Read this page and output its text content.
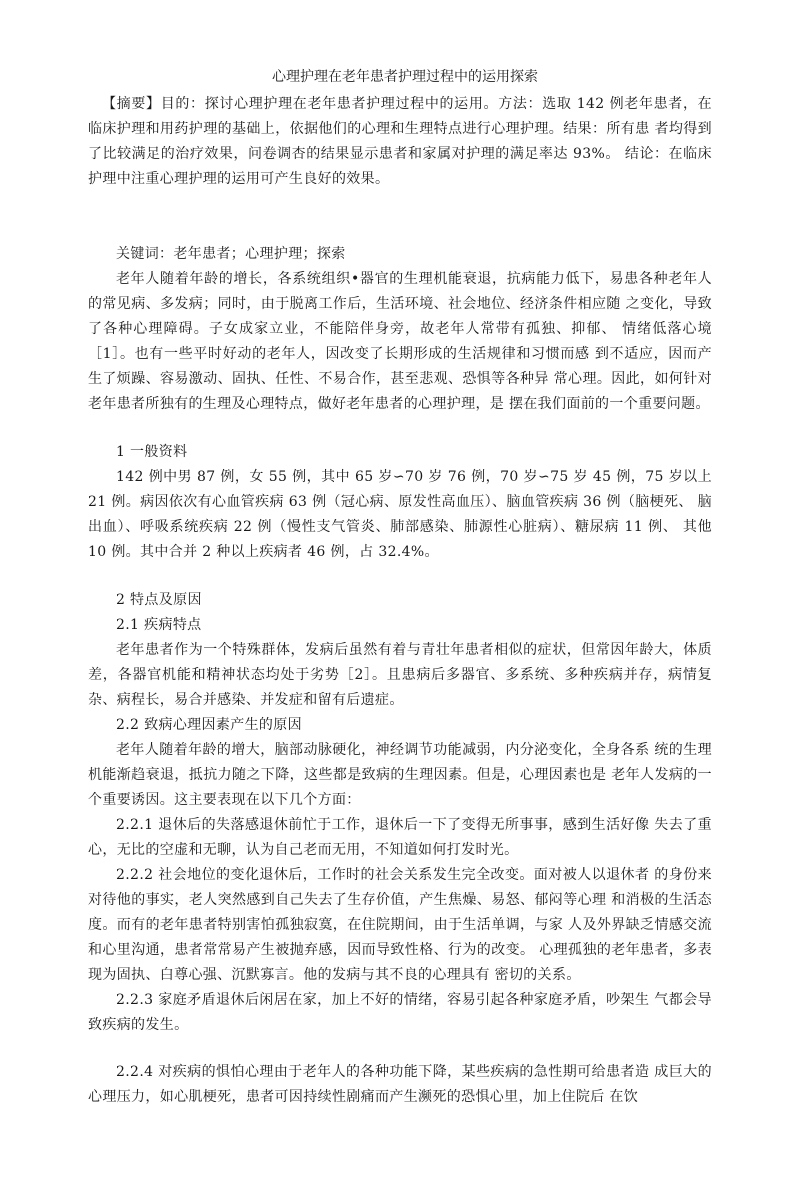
心理护理在老年患者护理过程中的运用探索

【摘要】目的：探讨心理护理在老年患者护理过程中的运用。方法：选取 142 例老年患者，在临床护理和用药护理的基础上，依据他们的心理和生理特点进行心理护理。结果：所有患 者均得到了比较满足的治疗效果，问卷调杏的结果显示患者和家属对护理的满足率达 93%。 结论：在临床护理中注重心理护理的运用可产生良好的效果。

关键词：老年患者；心理护理；探索

老年人随着年龄的增长，各系统组织•器官的生理机能衰退，抗病能力低下，易患各种老年人的常见病、多发病；同时，由于脱离工作后，生活环境、社会地位、经济条件相应随 之变化，导致了各种心理障碍。子女成家立业，不能陪伴身旁，故老年人常带有孤独、抑郁、 情绪低落心境［1］。也有一些平时好动的老年人，因改变了长期形成的生活规律和习惯而感 到不适应，因而产生了烦躁、容易激动、固执、任性、不易合作，甚至悲观、恐惧等各种异 常心理。因此，如何针对老年患者所独有的生理及心理特点，做好老年患者的心理护理，是 摆在我们面前的一个重要问题。

1 一般资料

142 例中男 87 例，女 55 例，其中 65 岁∽70 岁 76 例，70 岁∽75 岁 45 例，75 岁以上 21 例。病因依次有心血管疾病 63 例（冠心病、原发性高血压）、脑血管疾病 36 例（脑梗死、 脑出血）、呼吸系统疾病 22 例（慢性支气管炎、肺部感染、肺源性心脏病）、糖尿病 11 例、 其他 10 例。其中合并 2 种以上疾病者 46 例，占 32.4%。

2 特点及原因

2.1 疾病特点

老年患者作为一个特殊群体，发病后虽然有着与青壮年患者相似的症状，但常因年龄大，体质差，各器官机能和精神状态均处于劣势［2］。且患病后多器官、多系统、多种疾病并存，病情复杂、病程长，易合并感染、并发症和留有后遗症。

2.2 致病心理因素产生的原因

老年人随着年龄的增大，脑部动脉硬化，神经调节功能减弱，内分泌变化，全身各系 统的生理机能渐趋衰退，抵抗力随之下降，这些都是致病的生理因素。但是，心理因素也是 老年人发病的一个重要诱因。这主要表现在以下几个方面：

2.2.1 退休后的失落感退休前忙于工作，退休后一下了变得无所事事，感到生活好像 失去了重心，无比的空虚和无聊，认为自己老而无用，不知道如何打发时光。

2.2.2 社会地位的变化退休后，工作时的社会关系发生完全改变。面对被人以退休者 的身份来对待他的事实，老人突然感到自己失去了生存价值，产生焦燥、易怒、郁闷等心理 和消极的生活态度。而有的老年患者特别害怕孤独寂寞，在住院期间，由于生活单调，与家 人及外界缺乏情感交流和心里沟通，患者常常易产生被抛弃感，因而导致性格、行为的改变。 心理孤独的老年患者，多表现为固执、白尊心强、沉默寡言。他的发病与其不良的心理具有 密切的关系。

2.2.3 家庭矛盾退休后闲居在家，加上不好的情绪，容易引起各种家庭矛盾，吵架生 气都会导致疾病的发生。

2.2.4 对疾病的惧怕心理由于老年人的各种功能下降，某些疾病的急性期可给患者造 成巨大的心理压力，如心肌梗死，患者可因持续性剧痛而产生濒死的恐惧心里，加上住院后 在饮
